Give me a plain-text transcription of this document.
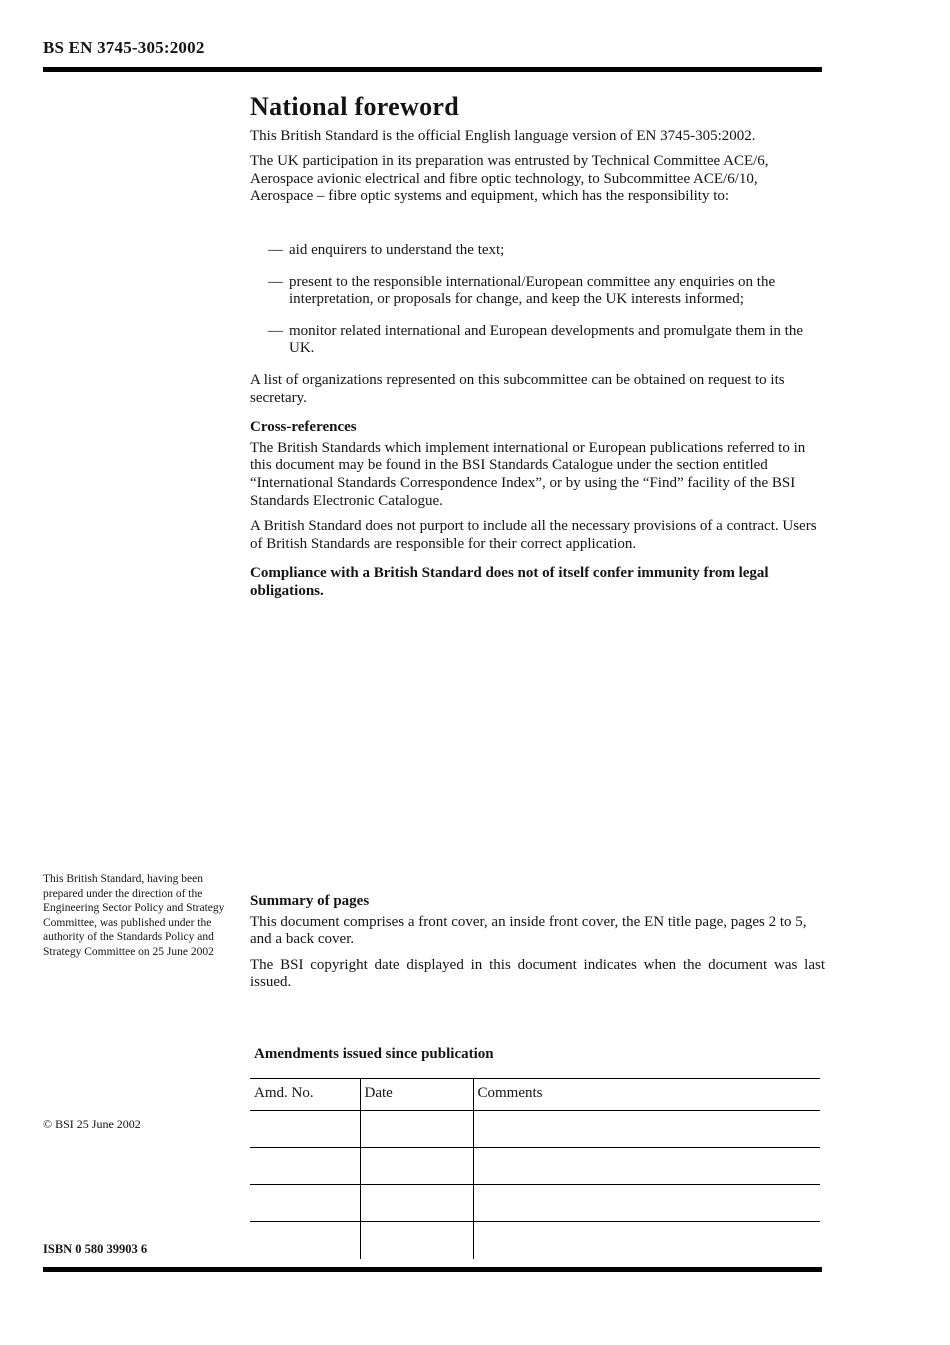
BS EN 3745-305:2002
National foreword

This British Standard is the official English language version of EN 3745-305:2002.

The UK participation in its preparation was entrusted by Technical Committee ACE/6, Aerospace avionic electrical and fibre optic technology, to Subcommittee ACE/6/10, Aerospace – fibre optic systems and equipment, which has the responsibility to:

— aid enquirers to understand the text;
— present to the responsible international/European committee any enquiries on the interpretation, or proposals for change, and keep the UK interests informed;
— monitor related international and European developments and promulgate them in the UK.

A list of organizations represented on this subcommittee can be obtained on request to its secretary.

Cross-references

The British Standards which implement international or European publications referred to in this document may be found in the BSI Standards Catalogue under the section entitled “International Standards Correspondence Index”, or by using the “Find” facility of the BSI Standards Electronic Catalogue.

A British Standard does not purport to include all the necessary provisions of a contract. Users of British Standards are responsible for their correct application.

Compliance with a British Standard does not of itself confer immunity from legal obligations.

This British Standard, having been prepared under the direction of the Engineering Sector Policy and Strategy Committee, was published under the authority of the Standards Policy and Strategy Committee on 25 June 2002
© BSI 25 June 2002
ISBN 0 580 39903 6
Summary of pages

This document comprises a front cover, an inside front cover, the EN title page, pages 2 to 5, and a back cover.

The BSI copyright date displayed in this document indicates when the document was last issued.

Amendments issued since publication
Amd. No.	Date	Comments
